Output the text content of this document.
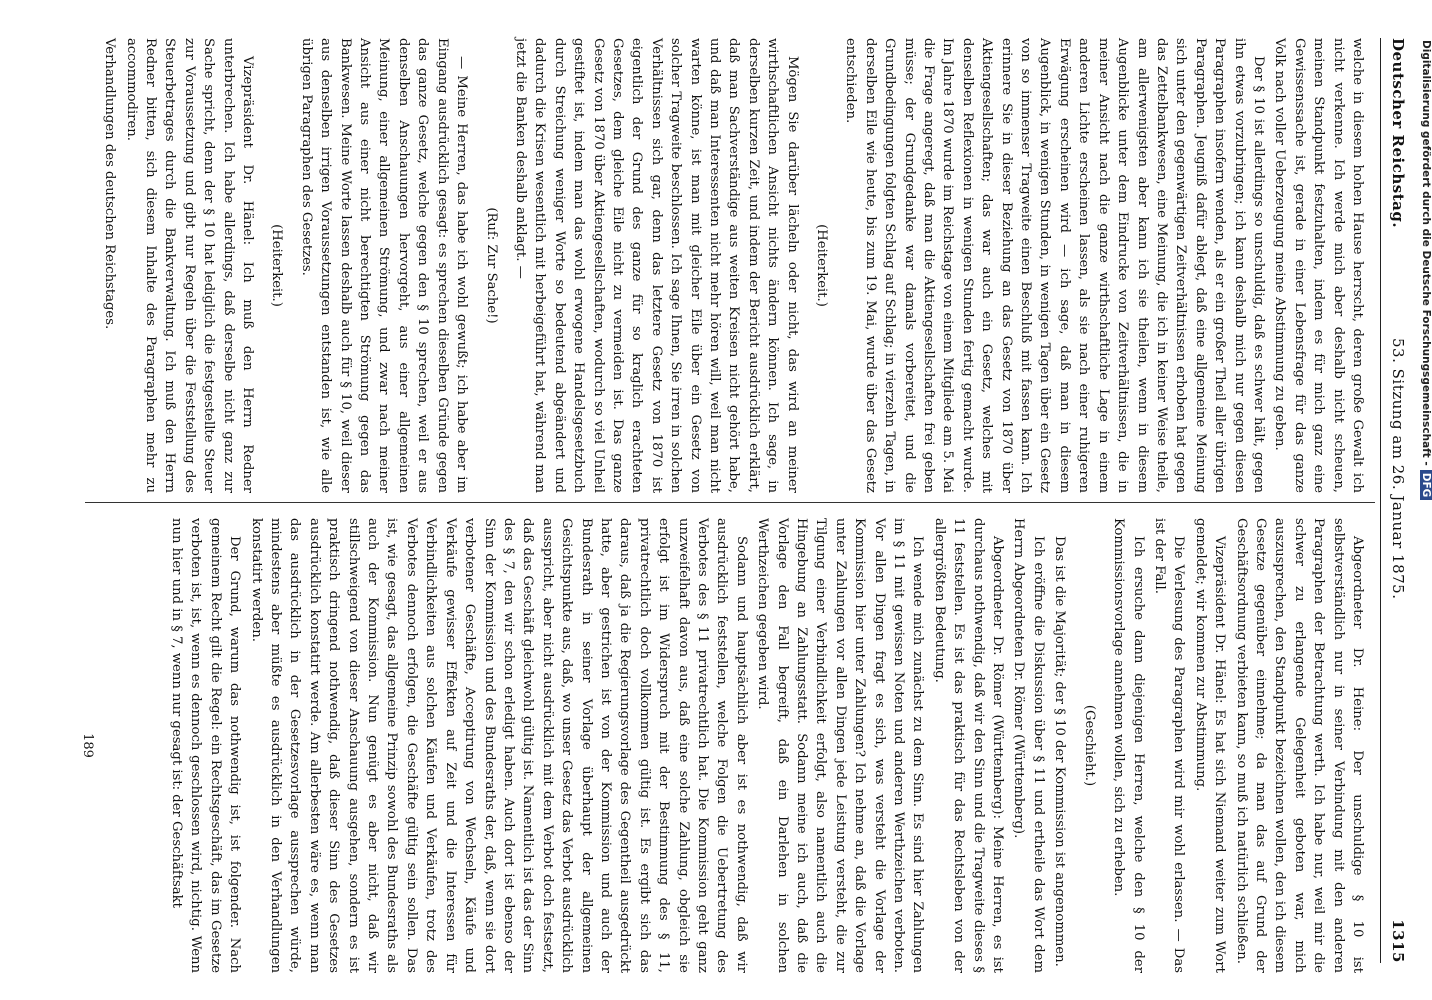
Deutscher Reichstag.
53. Sitzung am 26. Januar 1875.
1315

welche in diesem hohen Hause herrscht, deren große Gewalt ich nicht verkenne. Ich werde mich aber deshalb nicht scheuen, meinen Standpunkt festzuhalten, indem es für mich ganz eine Gewissenssache ist, gerade in einer Lebensfrage für das ganze Volk nach voller Ueberzeugung meine Abstimmung zu geben.

Der § 10 ist allerdings so unschuldig, daß es schwer hält, gegen ihn etwas vorzubringen; ich kann deshalb mich nur gegen diesen Paragraphen insofern wenden, als er ein großer Theil aller übrigen Paragraphen. Jeugniß dafür ablegt, daß eine allgemeine Meinung sich unter den gegenwärtigen Zeitverhältnissen erhoben hat gegen das Zettelbankwesen, eine Meinung, die ich in keiner Weise theile, am allerwenigsten aber kann ich sie theilen, wenn in diesem Augenblicke unter dem Eindrucke von Zeitverhältnissen, die in meiner Ansicht nach die ganze wirthschaftliche Lage in einem anderen Lichte erscheinen lassen, als sie nach einer ruhigeren Erwägung erscheinen wird — ich sage, daß man in diesem Augenblick, in wenigen Stunden, in wenigen Tagen über ein Gesetz von so immenser Tragweite einen Beschluß mit fassen kann. Ich erinnere Sie in dieser Beziehung an das Gesetz von 1870 über Aktiengesellschaften; das war auch ein Gesetz, welches mit denselben Reflexionen in wenigen Stunden fertig gemacht wurde. Im Jahre 1870 wurde im Reichstage von einem Mitgliede am 5. Mai die Frage angeregt, daß man die Aktiengesellschaften frei geben müsse; der Grundgedanke war damals vorbereitet, und die Grundbedingungen folgten Schlag auf Schlag; in vierzehn Tagen, in derselben Eile wie heute, bis zum 19. Mai, wurde über das Gesetz entschieden.

(Heiterkeit.)

Mögen Sie darüber lächeln oder nicht, das wird an meiner wirthschaftlichen Ansicht nichts ändern können. Ich sage, in derselben kurzen Zeit, und indem der Bericht ausdrücklich erklärt, daß man Sachverständige aus weiten Kreisen nicht gehört habe, und daß man Interessenten nicht mehr hören will, weil man nicht warten könne, ist man mit gleicher Eile über ein Gesetz von solcher Tragweite beschlossen. Ich sage Ihnen, Sie irren in solchen Verhältnissen sich gar, denn das letztere Gesetz von 1870 ist eigentlich der Grund des ganze für so kraglich erachteten Gesetzes, dem gleiche Eile nicht zu vermeiden ist. Das ganze Gesetz von 1870 über Aktiengesellschaften, wodurch so viel Unheil gestiftet ist, indem man das wohl erwogene Handelsgesetzbuch durch Streichung weniger Worte so bedeutend abgeändert und dadurch die Krisen wesentlich mit herbeigeführt hat, während man jetzt die Banken deshalb anklagt. —

(Ruf: Zur Sache!)

— Meine Herren, das habe ich wohl gewußt; ich habe aber im Eingang ausdrücklich gesagt: es sprechen dieselben Gründe gegen das ganze Gesetz, welche gegen den § 10 sprechen, weil er aus denselben Anschauungen hervorgeht, aus einer allgemeinen Meinung, einer allgemeinen Strömung, und zwar nach meiner Ansicht aus einer nicht berechtigten Strömung gegen das Bankwesen. Meine Worte lassen deshalb auch für § 10, weil dieser aus denselben irrigen Voraussetzungen entstanden ist, wie alle übrigen Paragraphen des Gesetzes.

(Heiterkeit.)

Vizepräsident Dr. Hänel: Ich muß den Herrn Redner unterbrechen. Ich habe allerdings, daß derselbe nicht ganz zur Sache spricht, denn der § 10 hat lediglich die festgestellte Steuer zur Voraussetzung und gibt nur Regeln über die Feststellung des Steuerbetrages durch die Bankverwaltung. Ich muß den Herrn Redner bitten, sich diesem Inhalte des Paragraphen mehr zu accommodiren.

Verhandlungen des deutschen Reichstages.

Abgeordneter Dr. Heine: Der unschuldige § 10 ist selbstverständlich nur in seiner Verbindung mit den anderen Paragraphen der Betrachtung werth. Ich habe nur, weil mir die schwer zu erlangende Gelegenheit geboten war, mich auszusprechen, den Standpunkt bezeichnen wollen, den ich diesem Gesetze gegenüber einnehme; da man das auf Grund der Geschäftsordnung verbieten kann, so muß ich natürlich schließen.

Vizepräsident Dr. Hänel: Es hat sich Niemand weiter zum Wort gemeldet; wir kommen zur Abstimmung.

Die Verlesung des Paragraphen wird mir wohl erlassen. — Das ist der Fall.

Ich ersuche dann diejenigen Herren, welche den § 10 der Kommissionsvorlage annehmen wollen, sich zu erheben.

(Geschieht.)

Das ist die Majorität; der § 10 der Kommission ist angenommen.

Ich eröffne die Diskussion über § 11 und ertheile das Wort dem Herrn Abgeordneten Dr. Römer (Württemberg).

Abgeordneter Dr. Römer (Württemberg): Meine Herren, es ist durchaus nothwendig, daß wir den Sinn und die Tragweite dieses § 11 feststellen. Es ist das praktisch für das Rechtsleben von der allergrößten Bedeutung.

Ich wende mich zunächst zu dem Sinn. Es sind hier Zahlungen im § 11 mit gewissen Noten und anderen Werthzeichen verboten. Vor allen Dingen fragt es sich, was versteht die Vorlage der Kommission hier unter Zahlungen? Ich nehme an, daß die Vorlage unter Zahlungen vor allen Dingen jede Leistung versteht, die zur Tilgung einer Verbindlichkeit erfolgt, also namentlich auch die Hingebung an Zahlungsstatt. Sodann meine ich auch, daß die Vorlage den Fall begreift, daß ein Darlehen in solchen Werthzeichen gegeben wird.

Sodann und hauptsächlich aber ist es nothwendig, daß wir ausdrücklich feststellen, welche Folgen die Uebertretung des Verbotes des § 11 privatrechtlich hat. Die Kommission geht ganz unzweifelhaft davon aus, daß eine solche Zahlung, obgleich sie erfolgt ist im Widerspruch mit der Bestimmung des § 11, privatrechtlich doch vollkommen gültig ist. Es ergibt sich das daraus, daß ja die Regierungsvorlage des Gegentheil ausgedrückt hatte, aber gestrichen ist von der Kommission und auch der Bundesrath in seiner Vorlage überhaupt der allgemeinen Gesichtspunkte aus, daß, wo unser Gesetz das Verbot ausdrücklich ausspricht, aber nicht ausdrücklich mit dem Verbot doch festsetzt, daß das Geschäft gleichwohl gültig ist. Namentlich ist das der Sinn des § 7, den wir schon erledigt haben. Auch dort ist ebenso der Sinn der Kommission und des Bundesraths der, daß, wenn sie dort verbotener Geschäfte, Acceptirung von Wechseln, Käufe und Verkäufe gewisser Effekten auf Zeit und die Interessen für Verbindlichkeiten aus solchen Käufen und Verkäufen, trotz des Verbotes dennoch erfolgen, die Geschäfte gültig sein sollen. Das ist, wie gesagt, das allgemeine Prinzip sowohl des Bundesraths als auch der Kommission. Nun genügt es aber nicht, daß wir stillschweigend von dieser Anschauung ausgehen, sondern es ist praktisch dringend nothwendig, daß dieser Sinn des Gesetzes ausdrücklich konstatirt werde. Am allerbesten wäre es, wenn man das ausdrücklich in der Gesetzesvorlage aussprechen würde, mindestens aber müßte es ausdrücklich in den Verhandlungen konstatirt werden.

Der Grund, warum das nothwendig ist, ist folgender. Nach gemeinem Recht gilt die Regel: ein Rechtsgeschäft, das im Gesetze verboten ist, ist, wenn es dennoch geschlossen wird, nichtig. Wenn nun hier und in § 7, wenn nur gesagt ist: der Geschäftsakt

189
Digitalisierung gefördert durch die Deutsche Forschungsgemeinschaft -DFG
